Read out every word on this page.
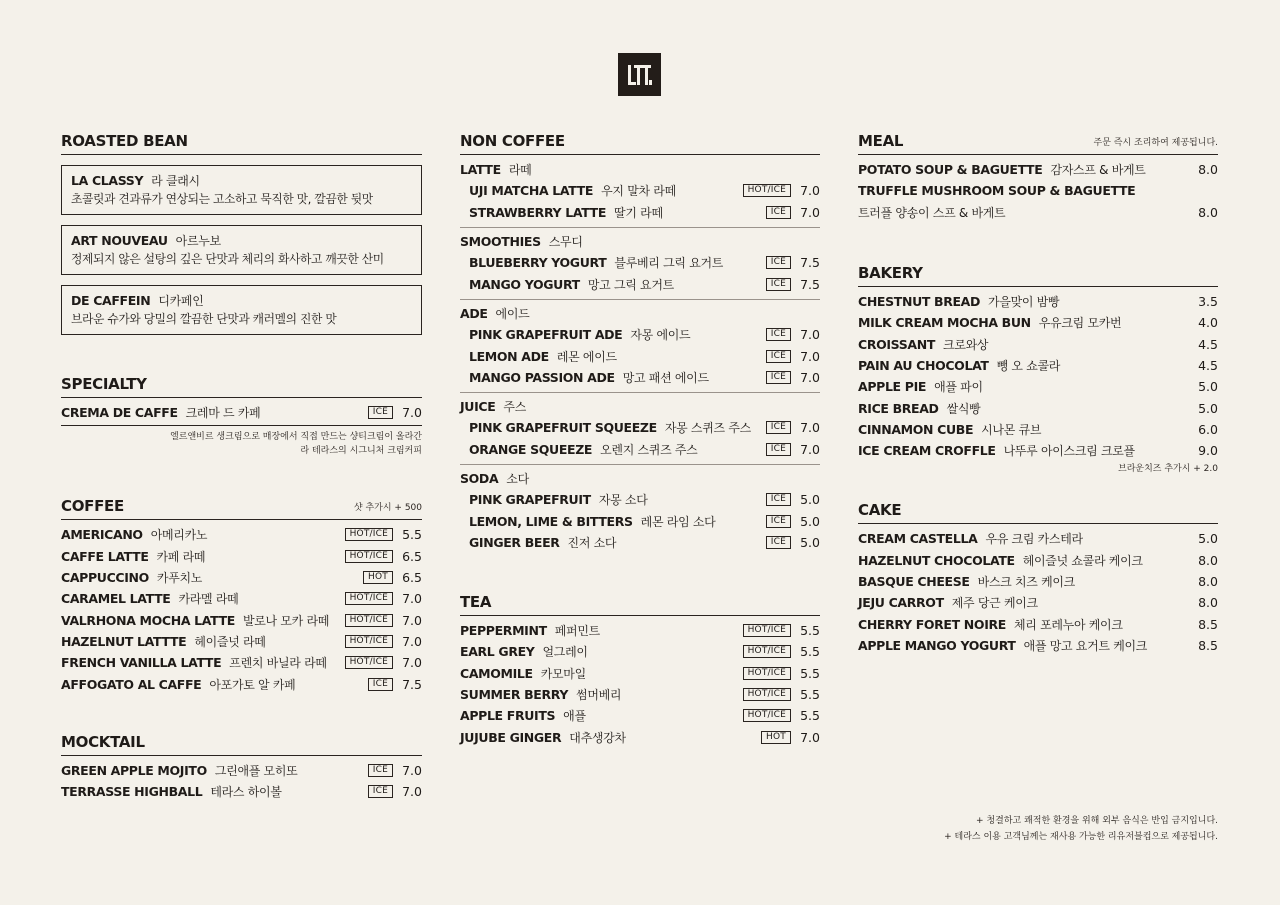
ROASTED BEAN
LA CLASSY 라 클래시
초콜릿과 견과류가 연상되는 고소하고 묵직한 맛, 깔끔한 뒷맛
ART NOUVEAU 아르누보
정제되지 않은 설탕의 깊은 단맛과 체리의 화사하고 깨끗한 산미
DE CAFFEIN 디카페인
브라운 슈가와 당밀의 깔끔한 단맛과 캐러멜의 진한 맛
SPECIALTY
CREMA DE CAFFE 크레마 드 카페	ICE	7.0
엘르앤비르 생크림으로 매장에서 직접 만드는 샹티크림이 올라간
라 테라스의 시그니처 크림커피
COFFEE	샷 추가시 + 500
AMERICANO 아메리카노	HOT/ICE	5.5
CAFFE LATTE 카페 라떼	HOT/ICE	6.5
CAPPUCCINO 카푸치노	HOT	6.5
CARAMEL LATTE 카라멜 라떼	HOT/ICE	7.0
VALRHONA MOCHA LATTE 발로나 모카 라떼	HOT/ICE	7.0
HAZELNUT LATTTE 헤이즐넛 라떼	HOT/ICE	7.0
FRENCH VANILLA LATTE 프렌치 바닐라 라떼	HOT/ICE	7.0
AFFOGATO AL CAFFE 아포가토 알 카페	ICE	7.5
MOCKTAIL
GREEN APPLE MOJITO 그린애플 모히또	ICE	7.0
TERRASSE HIGHBALL 테라스 하이볼	ICE	7.0
NON COFFEE
LATTE 라떼
UJI MATCHA LATTE 우지 말차 라떼	HOT/ICE	7.0
STRAWBERRY LATTE 딸기 라떼	ICE	7.0
SMOOTHIES 스무디
BLUEBERRY YOGURT 블루베리 그릭 요거트	ICE	7.5
MANGO YOGURT 망고 그릭 요거트	ICE	7.5
ADE 에이드
PINK GRAPEFRUIT ADE 자몽 에이드	ICE	7.0
LEMON ADE 레몬 에이드	ICE	7.0
MANGO PASSION ADE 망고 패션 에이드	ICE	7.0
JUICE 주스
PINK GRAPEFRUIT SQUEEZE 자몽 스퀴즈 주스	ICE	7.0
ORANGE SQUEEZE 오렌지 스퀴즈 주스	ICE	7.0
SODA 소다
PINK GRAPEFRUIT 자몽 소다	ICE	5.0
LEMON, LIME & BITTERS 레몬 라임 소다	ICE	5.0
GINGER BEER 진저 소다	ICE	5.0
TEA
PEPPERMINT 페퍼민트	HOT/ICE	5.5
EARL GREY 얼그레이	HOT/ICE	5.5
CAMOMILE 카모마일	HOT/ICE	5.5
SUMMER BERRY 썸머베리	HOT/ICE	5.5
APPLE FRUITS 애플	HOT/ICE	5.5
JUJUBE GINGER 대추생강차	HOT	7.0
MEAL	주문 즉시 조리하여 제공됩니다.
POTATO SOUP & BAGUETTE 감자스프 & 바게트	8.0
TRUFFLE MUSHROOM SOUP & BAGUETTE
트러플 양송이 스프 & 바게트	8.0
BAKERY
CHESTNUT BREAD 가을맞이 밤빵	3.5
MILK CREAM MOCHA BUN 우유크림 모카번	4.0
CROISSANT 크로와상	4.5
PAIN AU CHOCOLAT 뺑 오 쇼콜라	4.5
APPLE PIE 애플 파이	5.0
RICE BREAD 쌀식빵	5.0
CINNAMON CUBE 시나몬 큐브	6.0
ICE CREAM CROFFLE 나뚜루 아이스크림 크로플	9.0
브라운치즈 추가시 + 2.0
CAKE
CREAM CASTELLA 우유 크림 카스테라	5.0
HAZELNUT CHOCOLATE 헤이즐넛 쇼콜라 케이크	8.0
BASQUE CHEESE 바스크 치즈 케이크	8.0
JEJU CARROT 제주 당근 케이크	8.0
CHERRY FORET NOIRE 체리 포레누아 케이크	8.5
APPLE MANGO YOGURT 애플 망고 요거트 케이크	8.5
+ 청결하고 쾌적한 환경을 위해 외부 음식은 반입 금지입니다.
+ 테라스 이용 고객님께는 재사용 가능한 리유저블컵으로 제공됩니다.
